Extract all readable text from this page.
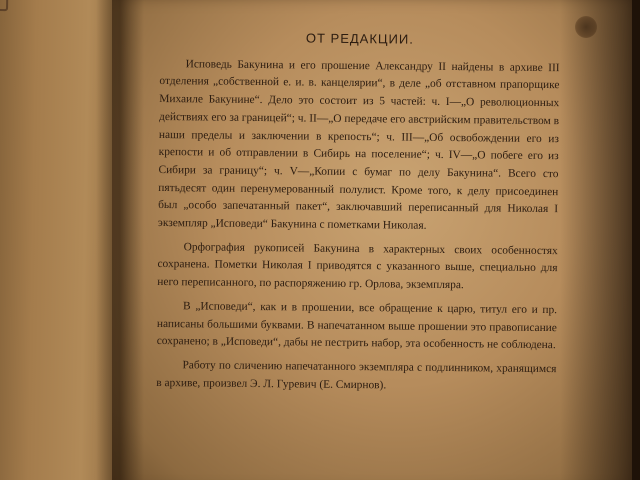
ОТ РЕДАКЦИИ.

Исповедь Бакунина и его прошение Александру II найдены в архиве III отделения „собственной е. и. в. канцелярии“, в деле „об отставном прапорщике Михаиле Бакунине“. Дело это состоит из 5 частей: ч. I—„О революционных действиях его за границей“; ч. II—„О передаче его австрийским правительством в наши пределы и заключении в крепость“; ч. III—„Об освобождении его из крепости и об отправлении в Сибирь на поселение“; ч. IV—„О побеге его из Сибири за границу“; ч. V—„Копии с бумаг по делу Бакунина“. Всего сто пятьдесят один перенумерованный полулист. Кроме того, к делу присоединен был „особо запечатанный пакет“, заключавший переписанный для Николая I экземпляр „Исповеди“ Бакунина с пометками Николая.

Орфография рукописей Бакунина в характерных своих особенностях сохранена. Пометки Николая I приводятся с указанного выше, специально для него переписанного, по распоряжению гр. Орлова, экземпляра.

В „Исповеди“, как и в прошении, все обращение к царю, титул его и пр. написаны большими буквами. В напечатанном выше прошении это правописание сохранено; в „Исповеди“, дабы не пестрить набор, эта особенность не соблюдена.

Работу по сличению напечатанного экземпляра с подлинником, хранящимся в архиве, произвел Э. Л. Гуревич (Е. Смирнов).
